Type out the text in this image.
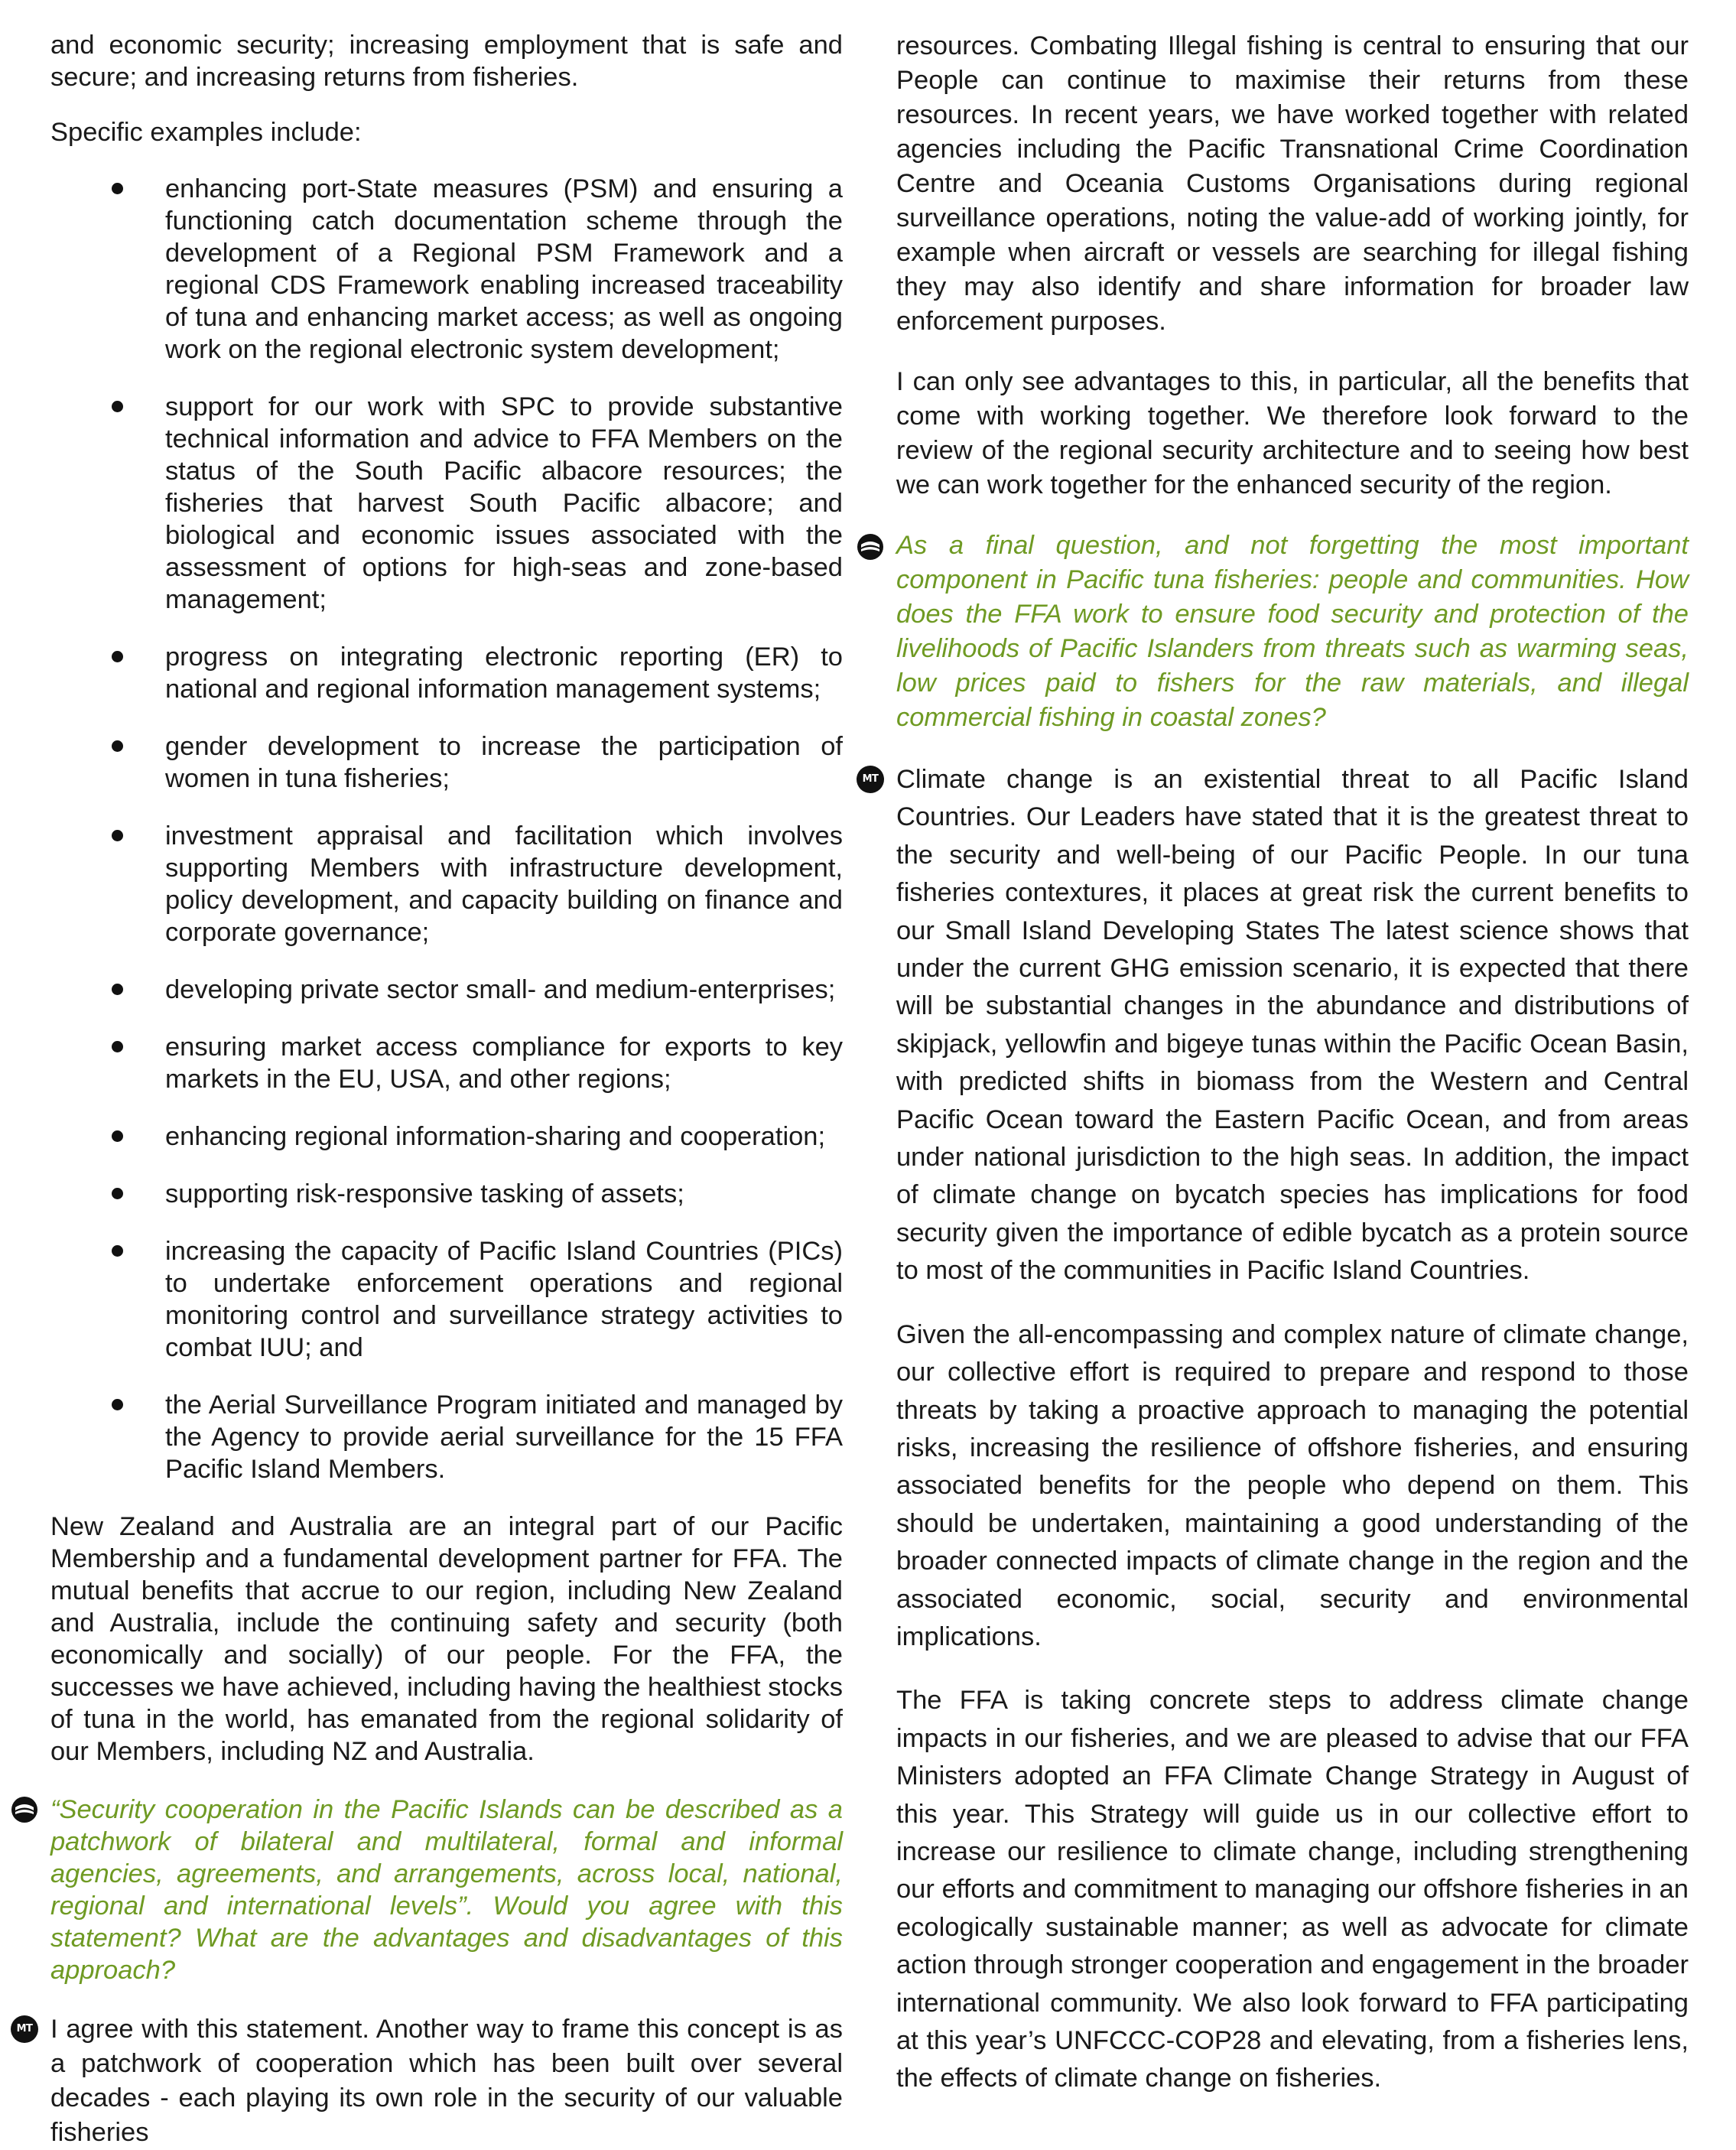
and economic security; increasing employment that is safe and secure; and increasing returns from fisheries.

Specific examples include:

enhancing port-State measures (PSM) and ensuring a functioning catch documentation scheme through the development of a Regional PSM Framework and a regional CDS Framework enabling increased traceability of tuna and enhancing market access; as well as ongoing work on the regional electronic system development;
support for our work with SPC to provide substantive technical information and advice to FFA Members on the status of the South Pacific albacore resources; the fisheries that harvest South Pacific albacore; and biological and economic issues associated with the assessment of options for high-seas and zone-based management;
progress on integrating electronic reporting (ER) to national and regional information management systems;
gender development to increase the participation of women in tuna fisheries;
investment appraisal and facilitation which involves supporting Members with infrastructure development, policy development, and capacity building on finance and corporate governance;
developing private sector small- and medium-enterprises;
ensuring market access compliance for exports to key markets in the EU, USA, and other regions;
enhancing regional information-sharing and cooperation;
supporting risk-responsive tasking of assets;
increasing the capacity of Pacific Island Countries (PICs) to undertake enforcement operations and regional monitoring control and surveillance strategy activities to combat IUU; and
the Aerial Surveillance Program initiated and managed by the Agency to provide aerial surveillance for the 15 FFA Pacific Island Members.

New Zealand and Australia are an integral part of our Pacific Membership and a fundamental development partner for FFA. The mutual benefits that accrue to our region, including New Zealand and Australia, include the continuing safety and security (both economically and socially) of our people. For the FFA, the successes we have achieved, including having the healthiest stocks of tuna in the world, has emanated from the regional solidarity of our Members, including NZ and Australia.

“Security cooperation in the Pacific Islands can be described as a patchwork of bilateral and multilateral, formal and informal agencies, agreements, and arrangements, across local, national, regional and international levels”. Would you agree with this statement? What are the advantages and disadvantages of this approach?

MT I agree with this statement. Another way to frame this concept is as a patchwork of cooperation which has been built over several decades - each playing its own role in the security of our valuable fisheries

resources. Combating Illegal fishing is central to ensuring that our People can continue to maximise their returns from these resources. In recent years, we have worked together with related agencies including the Pacific Transnational Crime Coordination Centre and Oceania Customs Organisations during regional surveillance operations, noting the value-add of working jointly, for example when aircraft or vessels are searching for illegal fishing they may also identify and share information for broader law enforcement purposes.

I can only see advantages to this, in particular, all the benefits that come with working together. We therefore look forward to the review of the regional security architecture and to seeing how best we can work together for the enhanced security of the region.

As a final question, and not forgetting the most important component in Pacific tuna fisheries: people and communities. How does the FFA work to ensure food security and protection of the livelihoods of Pacific Islanders from threats such as warming seas, low prices paid to fishers for the raw materials, and illegal commercial fishing in coastal zones?

MT Climate change is an existential threat to all Pacific Island Countries. Our Leaders have stated that it is the greatest threat to the security and well-being of our Pacific People. In our tuna fisheries contextures, it places at great risk the current benefits to our Small Island Developing States The latest science shows that under the current GHG emission scenario, it is expected that there will be substantial changes in the abundance and distributions of skipjack, yellowfin and bigeye tunas within the Pacific Ocean Basin, with predicted shifts in biomass from the Western and Central Pacific Ocean toward the Eastern Pacific Ocean, and from areas under national jurisdiction to the high seas. In addition, the impact of climate change on bycatch species has implications for food security given the importance of edible bycatch as a protein source to most of the communities in Pacific Island Countries.

Given the all-encompassing and complex nature of climate change, our collective effort is required to prepare and respond to those threats by taking a proactive approach to managing the potential risks, increasing the resilience of offshore fisheries, and ensuring associated benefits for the people who depend on them. This should be undertaken, maintaining a good understanding of the broader connected impacts of climate change in the region and the associated economic, social, security and environmental implications.

The FFA is taking concrete steps to address climate change impacts in our fisheries, and we are pleased to advise that our FFA Ministers adopted an FFA Climate Change Strategy in August of this year. This Strategy will guide us in our collective effort to increase our resilience to climate change, including strengthening our efforts and commitment to managing our offshore fisheries in an ecologically sustainable manner; as well as advocate for climate action through stronger cooperation and engagement in the broader international community. We also look forward to FFA participating at this year’s UNFCCC-COP28 and elevating, from a fisheries lens, the effects of climate change on fisheries.
